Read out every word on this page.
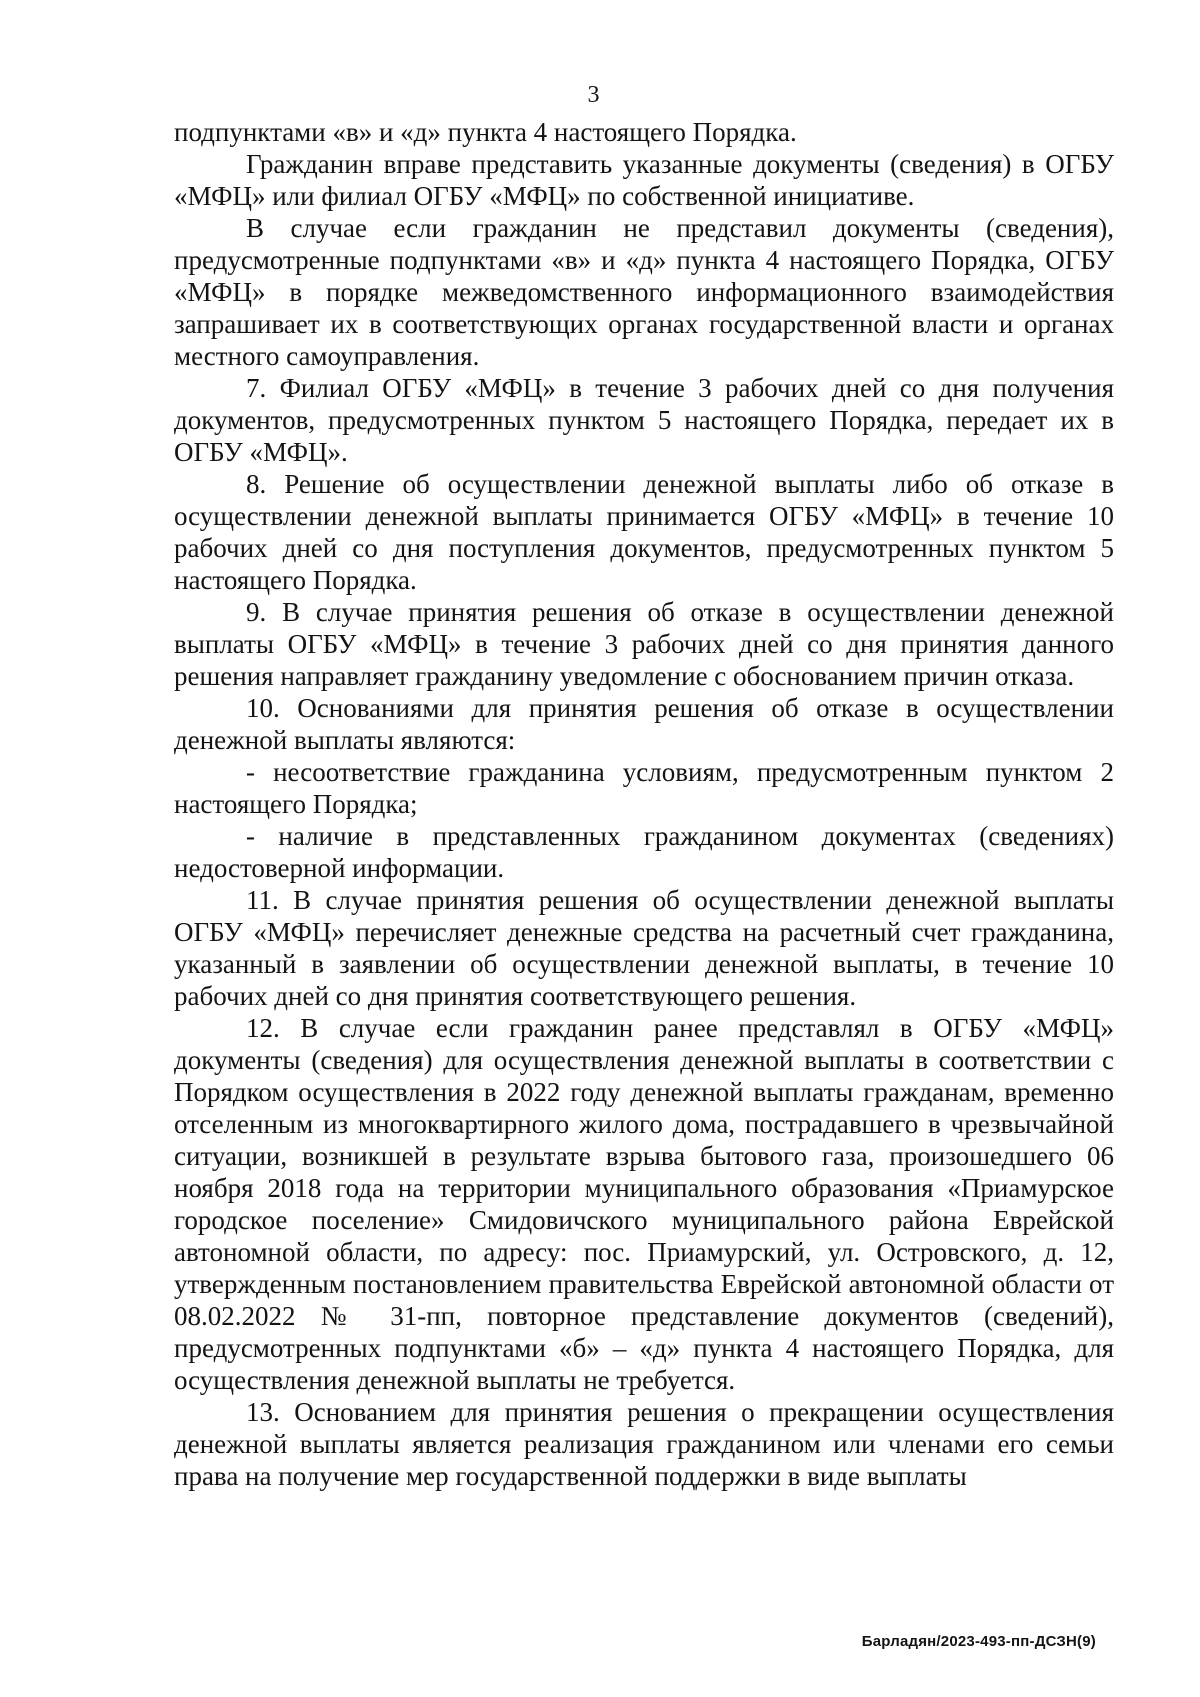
3

подпунктами «в» и «д» пункта 4 настоящего Порядка.

Гражданин вправе представить указанные документы (сведения) в ОГБУ «МФЦ» или филиал ОГБУ «МФЦ» по собственной инициативе.

В случае если гражданин не представил документы (сведения), предусмотренные подпунктами «в» и «д» пункта 4 настоящего Порядка, ОГБУ «МФЦ» в порядке межведомственного информационного взаимодействия запрашивает их в соответствующих органах государственной власти и органах местного самоуправления.

7. Филиал ОГБУ «МФЦ» в течение 3 рабочих дней со дня получения документов, предусмотренных пунктом 5 настоящего Порядка, передает их в ОГБУ «МФЦ».

8. Решение об осуществлении денежной выплаты либо об отказе в осуществлении денежной выплаты принимается ОГБУ «МФЦ» в течение 10 рабочих дней со дня поступления документов, предусмотренных пунктом 5 настоящего Порядка.

9. В случае принятия решения об отказе в осуществлении денежной выплаты ОГБУ «МФЦ» в течение 3 рабочих дней со дня принятия данного решения направляет гражданину уведомление с обоснованием причин отказа.

10. Основаниями для принятия решения об отказе в осуществлении денежной выплаты являются:

- несоответствие гражданина условиям, предусмотренным пунктом 2 настоящего Порядка;

- наличие в представленных гражданином документах (сведениях) недостоверной информации.

11. В случае принятия решения об осуществлении денежной выплаты ОГБУ «МФЦ» перечисляет денежные средства на расчетный счет гражданина, указанный в заявлении об осуществлении денежной выплаты, в течение 10 рабочих дней со дня принятия соответствующего решения.

12. В случае если гражданин ранее представлял в ОГБУ «МФЦ» документы (сведения) для осуществления денежной выплаты в соответствии с Порядком осуществления в 2022 году денежной выплаты гражданам, временно отселенным из многоквартирного жилого дома, пострадавшего в чрезвычайной ситуации, возникшей в результате взрыва бытового газа, произошедшего 06 ноября 2018 года на территории муниципального образования «Приамурское городское поселение» Смидовичского муниципального района Еврейской автономной области, по адресу: пос. Приамурский, ул. Островского, д. 12, утвержденным постановлением правительства Еврейской автономной области от 08.02.2022 № 31-пп, повторное представление документов (сведений), предусмотренных подпунктами «б» – «д» пункта 4 настоящего Порядка, для осуществления денежной выплаты не требуется.

13. Основанием для принятия решения о прекращении осуществления денежной выплаты является реализация гражданином или членами его семьи права на получение мер государственной поддержки в виде выплаты

Барладян/2023-493-пп-ДСЗН(9)
